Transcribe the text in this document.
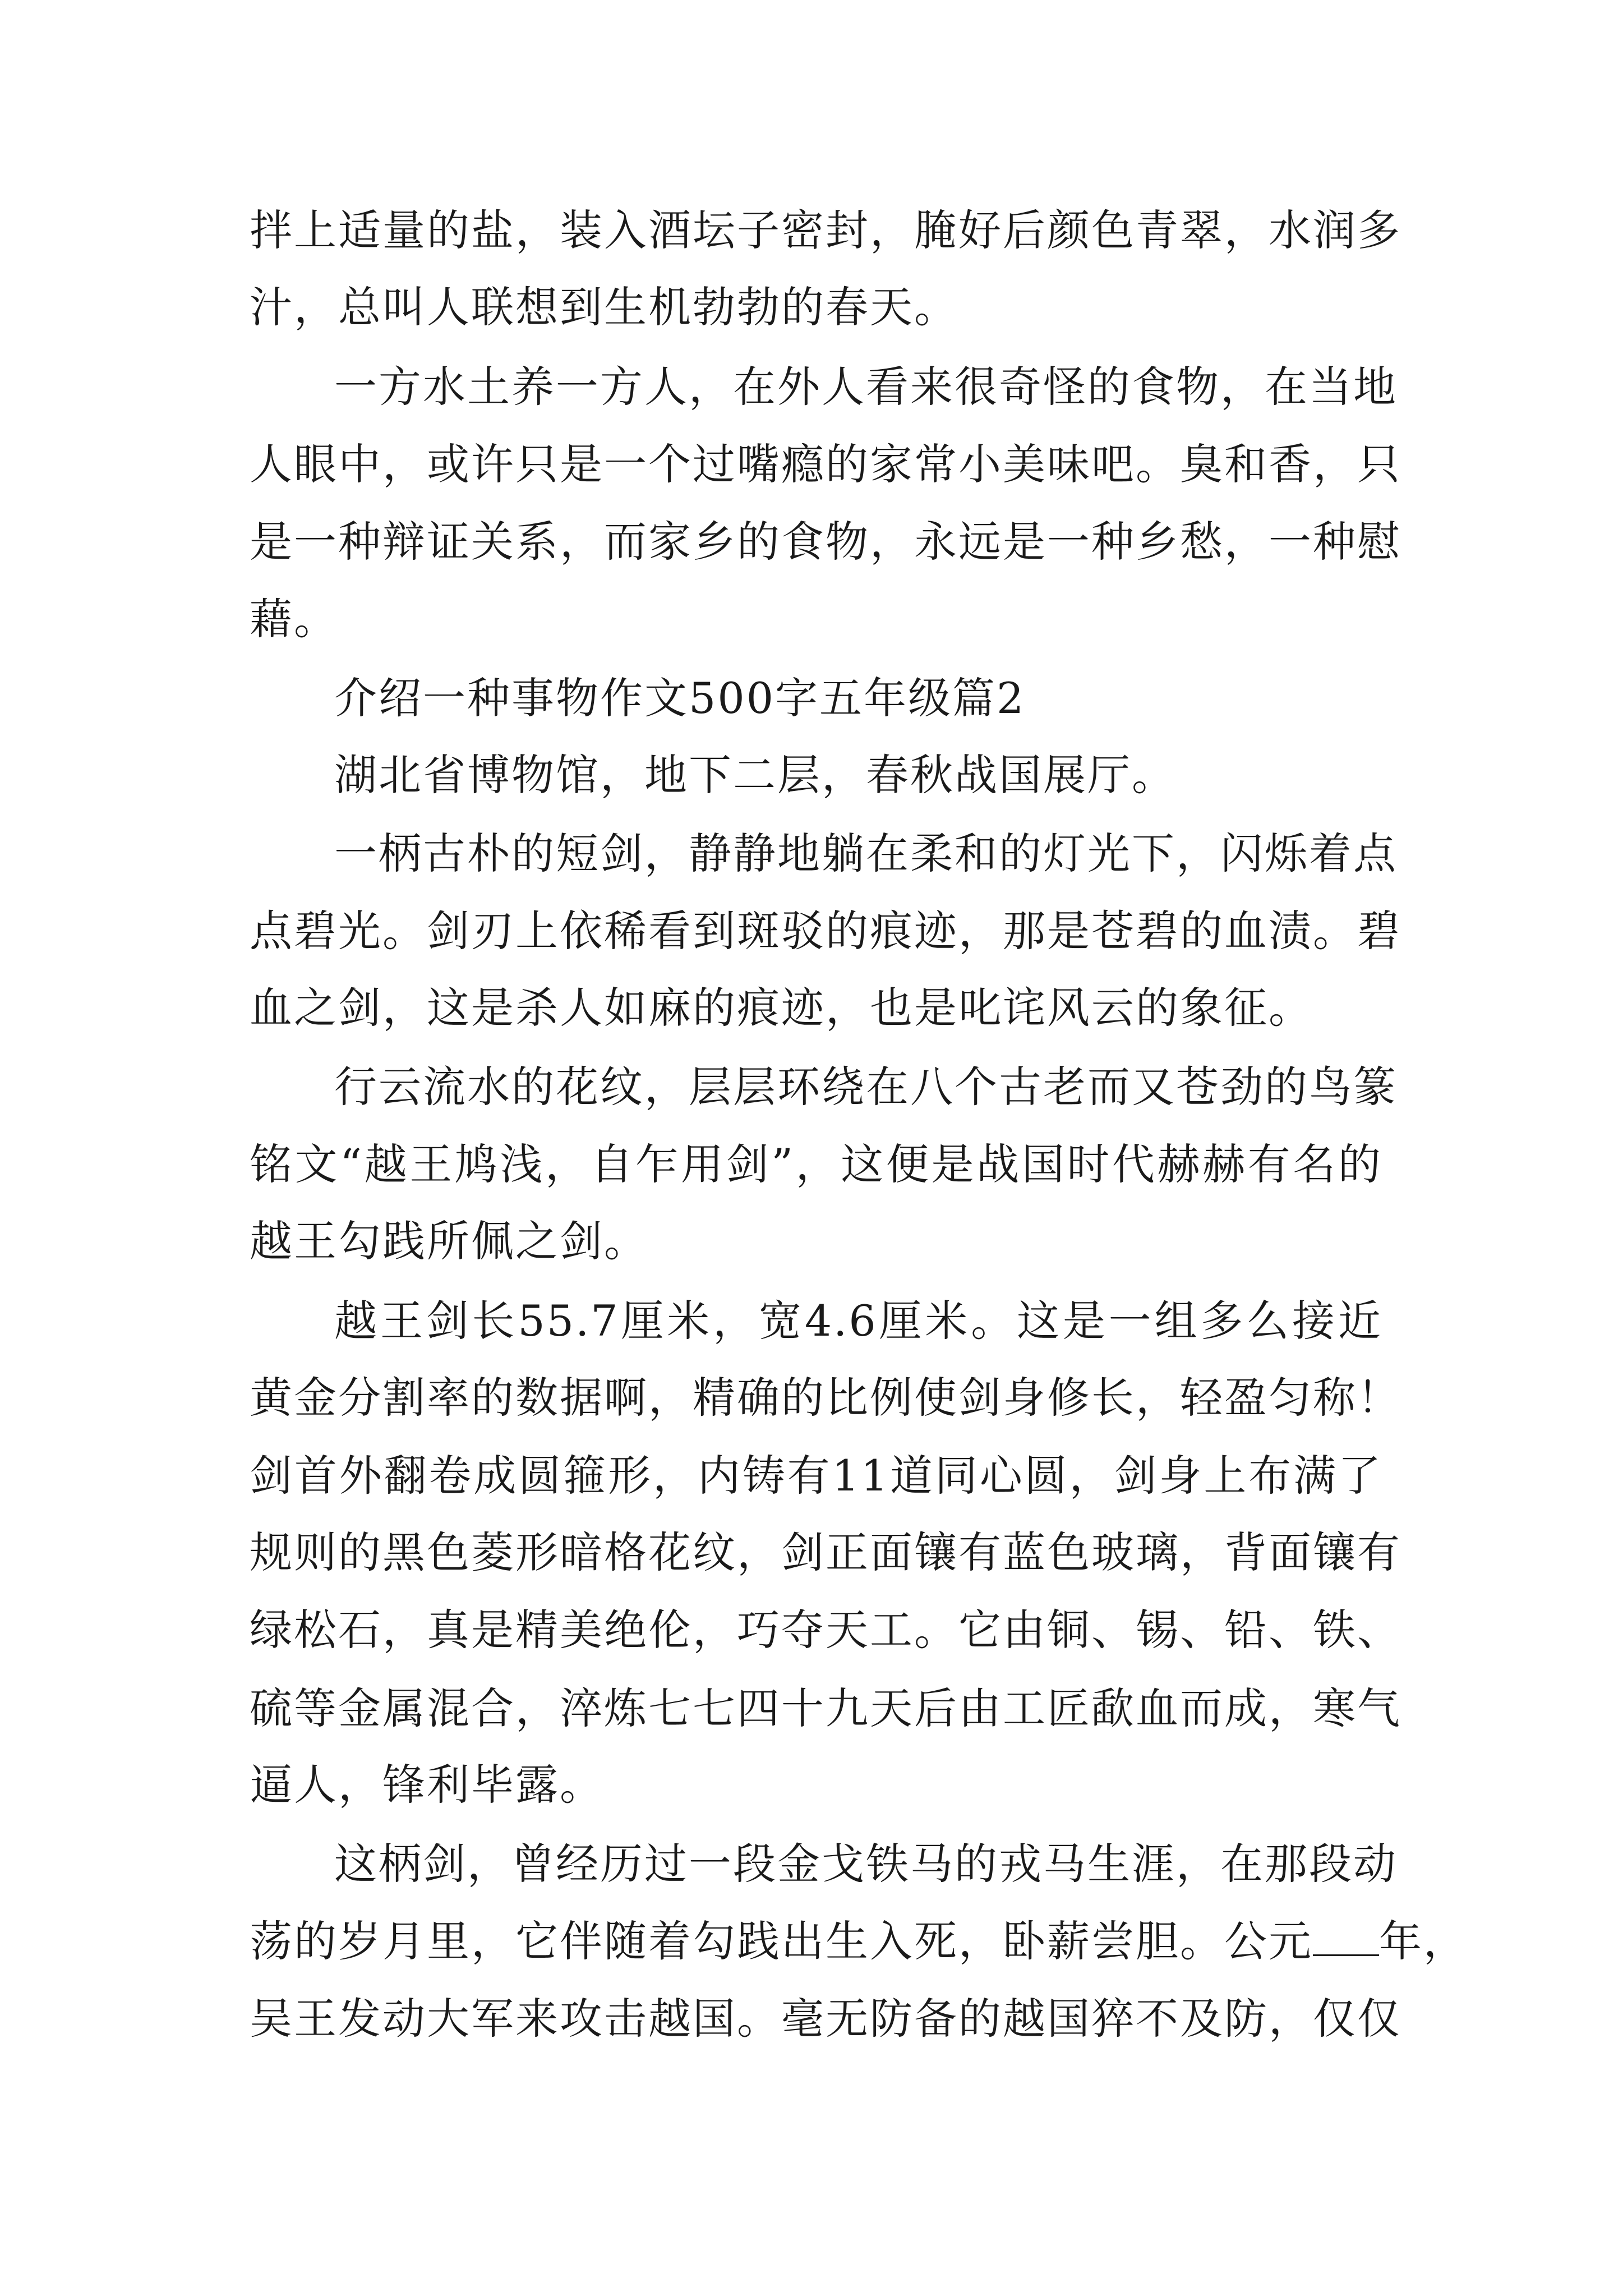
拌上适量的盐，装入酒坛子密封，腌好后颜色青翠，水润多

汁，总叫人联想到生机勃勃的春天。

一方水土养一方人，在外人看来很奇怪的食物，在当地

人眼中，或许只是一个过嘴瘾的家常小美味吧。臭和香，只

是一种辩证关系，而家乡的食物，永远是一种乡愁，一种慰

藉。

介绍一种事物作文500字五年级篇2

湖北省博物馆，地下二层，春秋战国展厅。

一柄古朴的短剑，静静地躺在柔和的灯光下，闪烁着点

点碧光。剑刃上依稀看到斑驳的痕迹，那是苍碧的血渍。碧

血之剑，这是杀人如麻的痕迹，也是叱诧风云的象征。

行云流水的花纹，层层环绕在八个古老而又苍劲的鸟篆

铭文“越王鸠浅，自乍用剑”，这便是战国时代赫赫有名的

越王勾践所佩之剑。

越王剑长55.7厘米，宽4.6厘米。这是一组多么接近

黄金分割率的数据啊，精确的比例使剑身修长，轻盈匀称！

剑首外翻卷成圆箍形，内铸有11道同心圆，剑身上布满了

规则的黑色菱形暗格花纹，剑正面镶有蓝色玻璃，背面镶有

绿松石，真是精美绝伦，巧夺天工。它由铜、锡、铅、铁、

硫等金属混合，淬炼七七四十九天后由工匠歃血而成，寒气

逼人，锋利毕露。

这柄剑，曾经历过一段金戈铁马的戎马生涯，在那段动

荡的岁月里，它伴随着勾践出生入死，卧薪尝胆。公元 年，

吴王发动大军来攻击越国。毫无防备的越国猝不及防，仅仅
